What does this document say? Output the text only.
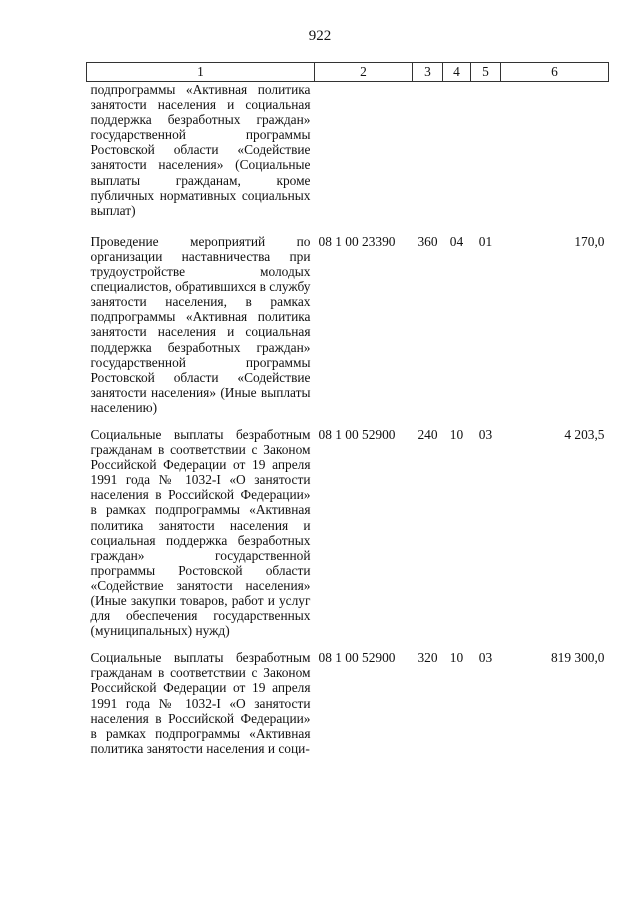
922
1	2	3	4	5	6
подпрограммы «Активная политика занятости населения и социальная поддержка безработных граждан» государственной программы Ростовской области «Содействие занятости населения» (Социальные выплаты гражданам, кроме публичных нормативных социальных выплат)					
Проведение мероприятий по организации наставничества при трудоустройстве молодых специалистов, обратившихся в службу занятости населения, в рамках подпрограммы «Активная политика занятости населения и социальная поддержка безработных граждан» государственной программы Ростовской области «Содействие занятости населения» (Иные выплаты населению)	08 1 00 23390	360	04	01	170,0
Социальные выплаты безработным гражданам в соответствии с Законом Российской Федерации от 19 апреля 1991 года № 1032-I «О занятости населения в Российской Федерации» в рамках подпрограммы «Активная политика занятости населения и социальная поддержка безработных граждан» государственной программы Ростовской области «Содействие занятости населения» (Иные закупки товаров, работ и услуг для обеспечения государственных (муниципальных) нужд)	08 1 00 52900	240	10	03	4 203,5
Социальные выплаты безработным гражданам в соответствии с Законом Российской Федерации от 19 апреля 1991 года № 1032-I «О занятости населения в Российской Федерации» в рамках подпрограммы «Активная политика занятости населения и соци-	08 1 00 52900	320	10	03	819 300,0
